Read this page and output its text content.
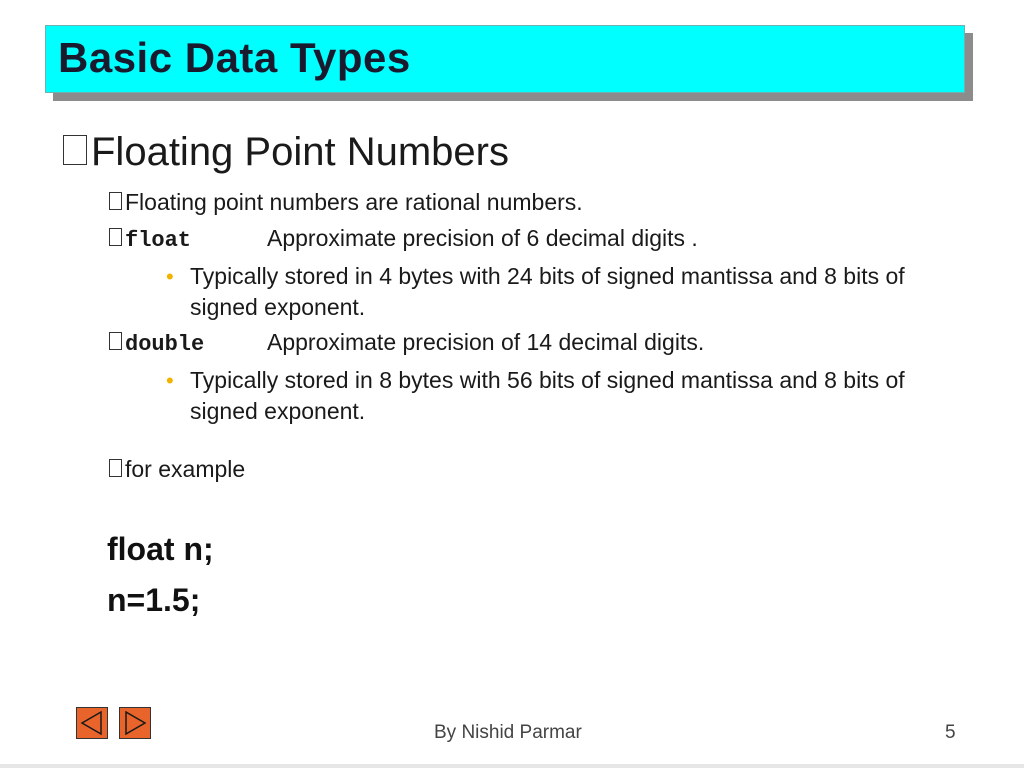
Basic Data Types
Floating Point Numbers
Floating point numbers are rational numbers.
float	Approximate precision of 6 decimal digits .
• Typically stored in 4 bytes with 24 bits of signed mantissa and 8 bits of signed exponent.
double	Approximate precision of 14 decimal digits.
• Typically stored in 8 bytes with 56 bits of signed mantissa and 8 bits of signed exponent.
for example
float n;
n=1.5;
By Nishid Parmar	5
